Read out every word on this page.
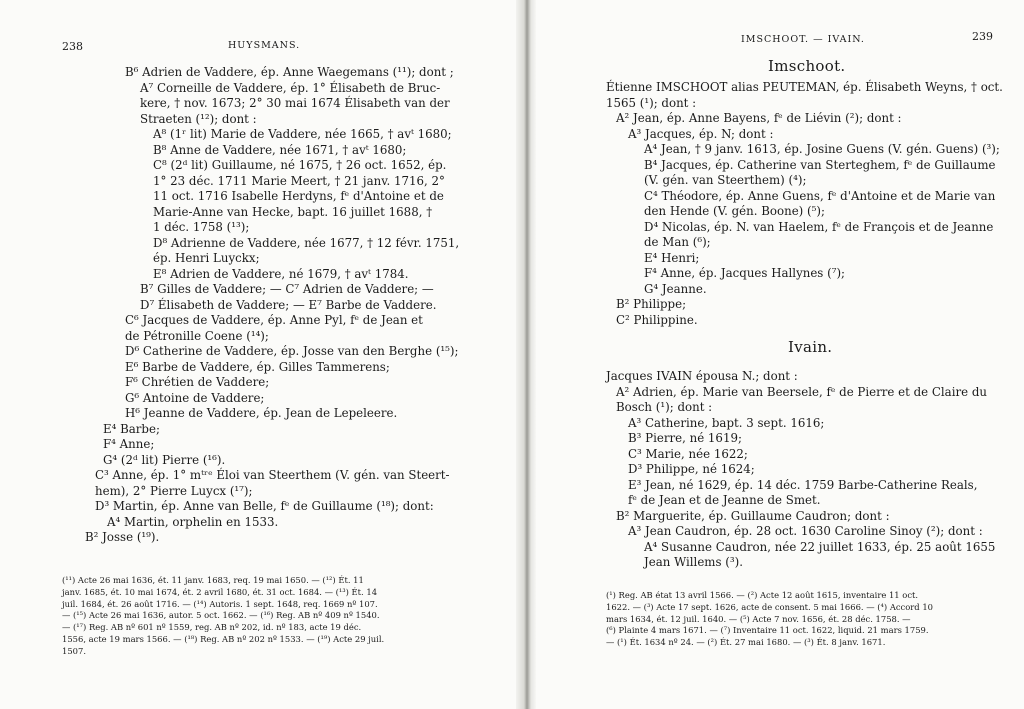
238	HUYSMANS.
B⁶ Adrien de Vaddere, ép. Anne Waegemans (¹¹); dont ;
A⁷ Corneille de Vaddere, ép. 1° Élisabeth de Bruc-
kere, † nov. 1673; 2° 30 mai 1674 Élisabeth van der
Straeten (¹²); dont :
A⁸ (1ʳ lit) Marie de Vaddere, née 1665, † avᵗ 1680;
B⁸ Anne de Vaddere, née 1671, † avᵗ 1680;
C⁸ (2ᵈ lit) Guillaume, né 1675, † 26 oct. 1652, ép.
1° 23 déc. 1711 Marie Meert, † 21 janv. 1716, 2°
11 oct. 1716 Isabelle Herdyns, fᵉ d'Antoine et de
Marie-Anne van Hecke, bapt. 16 juillet 1688, †
1 déc. 1758 (¹³);
D⁸ Adrienne de Vaddere, née 1677, † 12 févr. 1751,
ép. Henri Luyckx;
E⁸ Adrien de Vaddere, né 1679, † avᵗ 1784.
B⁷ Gilles de Vaddere; — C⁷ Adrien de Vaddere; —
D⁷ Élisabeth de Vaddere; — E⁷ Barbe de Vaddere.
C⁶ Jacques de Vaddere, ép. Anne Pyl, fᵉ de Jean et
de Pétronille Coene (¹⁴);
D⁶ Catherine de Vaddere, ép. Josse van den Berghe (¹⁵);
E⁶ Barbe de Vaddere, ép. Gilles Tammerens;
F⁶ Chrétien de Vaddere;
G⁶ Antoine de Vaddere;
H⁶ Jeanne de Vaddere, ép. Jean de Lepeleere.
E⁴ Barbe;
F⁴ Anne;
G⁴ (2ᵈ lit) Pierre (¹⁶).
C³ Anne, ép. 1° mᵗʳᵉ Éloi van Steerthem (V. gén. van Steert-
hem), 2° Pierre Luycx (¹⁷);
D³ Martin, ép. Anne van Belle, fᵉ de Guillaume (¹⁸); dont:
A⁴ Martin, orphelin en 1533.
B² Josse (¹⁹).
(¹¹) Acte 26 mai 1636, ét. 11 janv. 1683, req. 19 mai 1650. — (¹²) Ét. 11
janv. 1685, ét. 10 mai 1674, ét. 2 avril 1680, ét. 31 oct. 1684. — (¹³) Ét. 14
juil. 1684, ét. 26 août 1716. — (¹⁴) Autoris. 1 sept. 1648, req. 1669 nº 107.
— (¹⁵) Acte 26 mai 1636, autor. 5 oct. 1662. — (¹⁶) Reg. AB nº 409 nº 1540.
— (¹⁷) Reg. AB nº 601 nº 1559, reg. AB nº 202, id. nº 183, acte 19 déc.
1556, acte 19 mars 1566. — (¹⁸) Reg. AB nº 202 nº 1533. — (¹⁹) Acte 29 juil.
1507.
IMSCHOOT. — IVAIN.	239
Imschoot.
Étienne IMSCHOOT alias PEUTEMAN, ép. Élisabeth Weyns, † oct.
1565 (¹); dont :
A² Jean, ép. Anne Bayens, fᵉ de Liévin (²); dont :
A³ Jacques, ép. N; dont :
A⁴ Jean, † 9 janv. 1613, ép. Josine Guens (V. gén. Guens) (³);
B⁴ Jacques, ép. Catherine van Sterteghem, fᵉ de Guillaume
(V. gén. van Steerthem) (⁴);
C⁴ Théodore, ép. Anne Guens, fᵉ d'Antoine et de Marie van
den Hende (V. gén. Boone) (⁵);
D⁴ Nicolas, ép. N. van Haelem, fᵉ de François et de Jeanne
de Man (⁶);
E⁴ Henri;
F⁴ Anne, ép. Jacques Hallynes (⁷);
G⁴ Jeanne.
B² Philippe;
C² Philippine.
Ivain.
Jacques IVAIN épousa N.; dont :
A² Adrien, ép. Marie van Beersele, fᵉ de Pierre et de Claire du
Bosch (¹); dont :
A³ Catherine, bapt. 3 sept. 1616;
B³ Pierre, né 1619;
C³ Marie, née 1622;
D³ Philippe, né 1624;
E³ Jean, né 1629, ép. 14 déc. 1759 Barbe-Catherine Reals,
fᵉ de Jean et de Jeanne de Smet.
B² Marguerite, ép. Guillaume Caudron; dont :
A³ Jean Caudron, ép. 28 oct. 1630 Caroline Sinoy (²); dont :
A⁴ Susanne Caudron, née 22 juillet 1633, ép. 25 août 1655
Jean Willems (³).
(¹) Reg. AB état 13 avril 1566. — (²) Acte 12 août 1615, inventaire 11 oct.
1622. — (³) Acte 17 sept. 1626, acte de consent. 5 mai 1666. — (⁴) Accord 10
mars 1634, ét. 12 juil. 1640. — (⁵) Acte 7 nov. 1656, ét. 28 déc. 1758. —
(⁶) Plainte 4 mars 1671. — (⁷) Inventaire 11 oct. 1622, liquid. 21 mars 1759.
— (¹) Ét. 1634 nº 24. — (²) Ét. 27 mai 1680. — (³) Ét. 8 janv. 1671.
